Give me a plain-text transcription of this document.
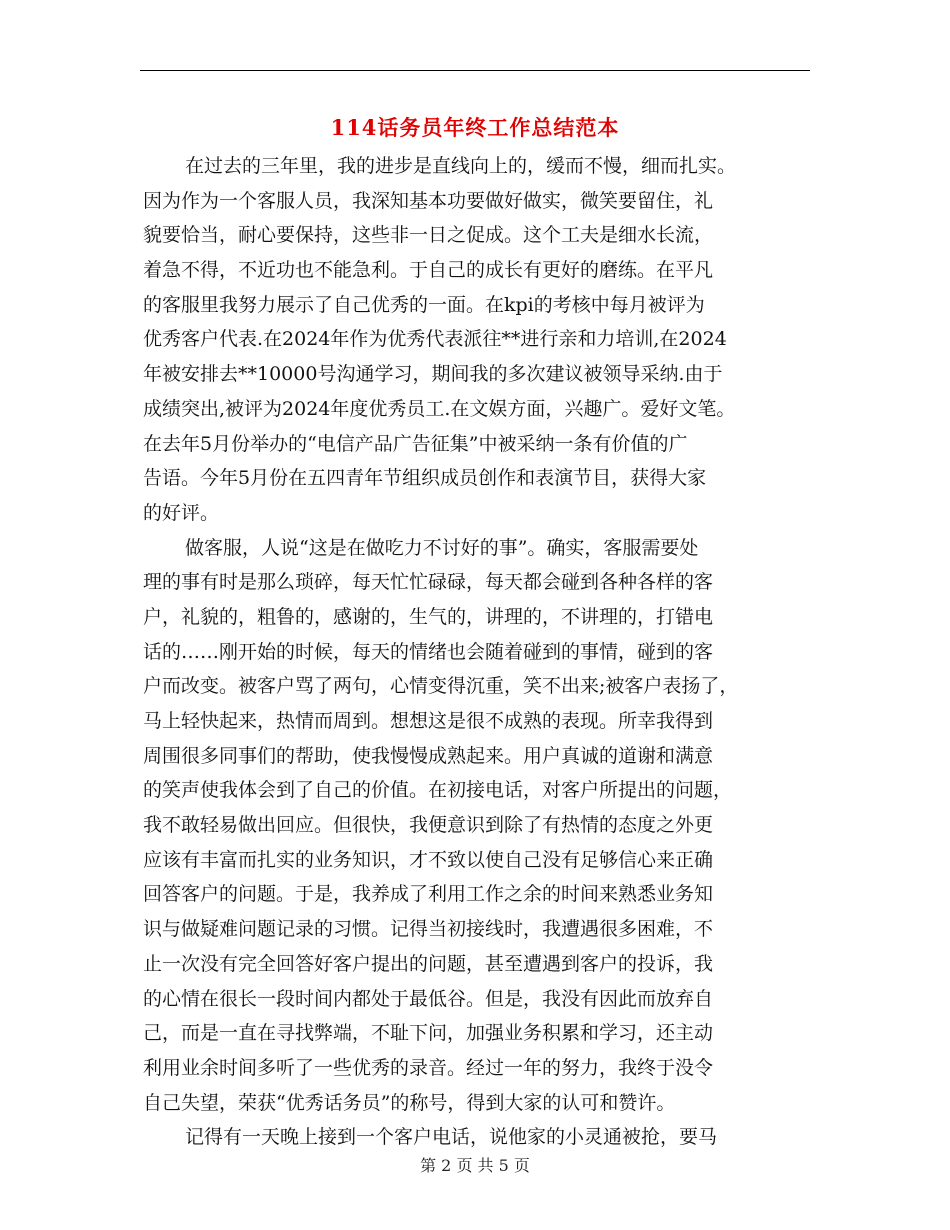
114话务员年终工作总结范本
在过去的三年里，我的进步是直线向上的，缓而不慢，细而扎实。
因为作为一个客服人员，我深知基本功要做好做实，微笑要留住，礼
貌要恰当，耐心要保持，这些非一日之促成。这个工夫是细水长流，
着急不得，不近功也不能急利。于自己的成长有更好的磨练。在平凡
的客服里我努力展示了自己优秀的一面。在kpi的考核中每月被评为
优秀客户代表.在2024年作为优秀代表派往**进行亲和力培训,在2024
年被安排去**10000号沟通学习，期间我的多次建议被领导采纳.由于
成绩突出,被评为2024年度优秀员工.在文娱方面，兴趣广。爱好文笔。
在去年5月份举办的“电信产品广告征集”中被采纳一条有价值的广
告语。今年5月份在五四青年节组织成员创作和表演节目，获得大家
的好评。
做客服，人说“这是在做吃力不讨好的事”。确实，客服需要处
理的事有时是那么琐碎，每天忙忙碌碌，每天都会碰到各种各样的客
户，礼貌的，粗鲁的，感谢的，生气的，讲理的，不讲理的，打错电
话的……刚开始的时候，每天的情绪也会随着碰到的事情，碰到的客
户而改变。被客户骂了两句，心情变得沉重，笑不出来;被客户表扬了，
马上轻快起来，热情而周到。想想这是很不成熟的表现。所幸我得到
周围很多同事们的帮助，使我慢慢成熟起来。用户真诚的道谢和满意
的笑声使我体会到了自己的价值。在初接电话，对客户所提出的问题，
我不敢轻易做出回应。但很快，我便意识到除了有热情的态度之外更
应该有丰富而扎实的业务知识，才不致以使自己没有足够信心来正确
回答客户的问题。于是，我养成了利用工作之余的时间来熟悉业务知
识与做疑难问题记录的习惯。记得当初接线时，我遭遇很多困难，不
止一次没有完全回答好客户提出的问题，甚至遭遇到客户的投诉，我
的心情在很长一段时间内都处于最低谷。但是，我没有因此而放弃自
己，而是一直在寻找弊端，不耻下问，加强业务积累和学习，还主动
利用业余时间多听了一些优秀的录音。经过一年的努力，我终于没令
自己失望，荣获“优秀话务员”的称号，得到大家的认可和赞许。
记得有一天晚上接到一个客户电话，说他家的小灵通被抢，要马
第 2 页 共 5 页
